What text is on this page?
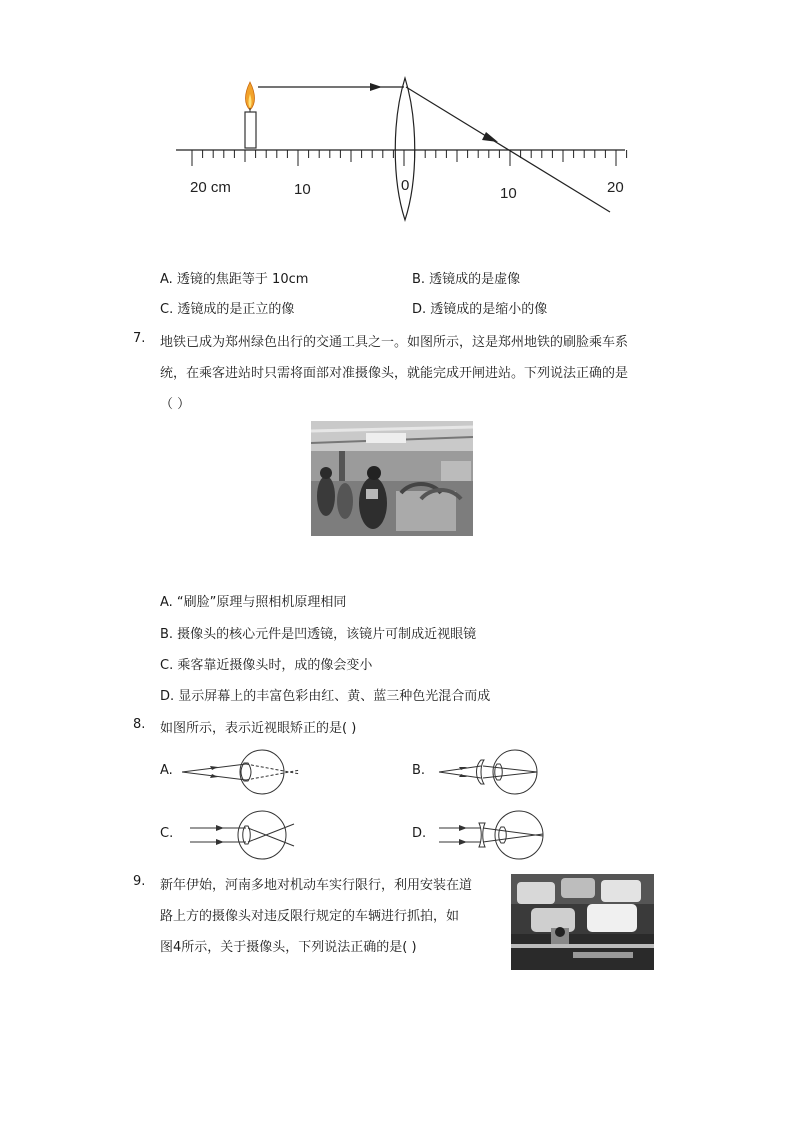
20 cm	10	0	10	20
A. 透镜的焦距等于 10cm	B. 透镜成的是虚像
C. 透镜成的是正立的像	D. 透镜成的是缩小的像
7. 地铁已成为郑州绿色出行的交通工具之一。如图所示，这是郑州地铁的刷脸乘车系
统，在乘客进站时只需将面部对准摄像头，就能完成开闸进站。下列说法正确的是
（ ）
A. “刷脸”原理与照相机原理相同
B. 摄像头的核心元件是凹透镜，该镜片可制成近视眼镜
C. 乘客靠近摄像头时，成的像会变小
D. 显示屏幕上的丰富色彩由红、黄、蓝三种色光混合而成
8. 如图所示，表示近视眼矫正的是( )
A.	B.
C.	D.
9. 新年伊始，河南多地对机动车实行限行，利用安装在道
路上方的摄像头对违反限行规定的车辆进行抓拍，如
图4所示，关于摄像头，下列说法正确的是( )
